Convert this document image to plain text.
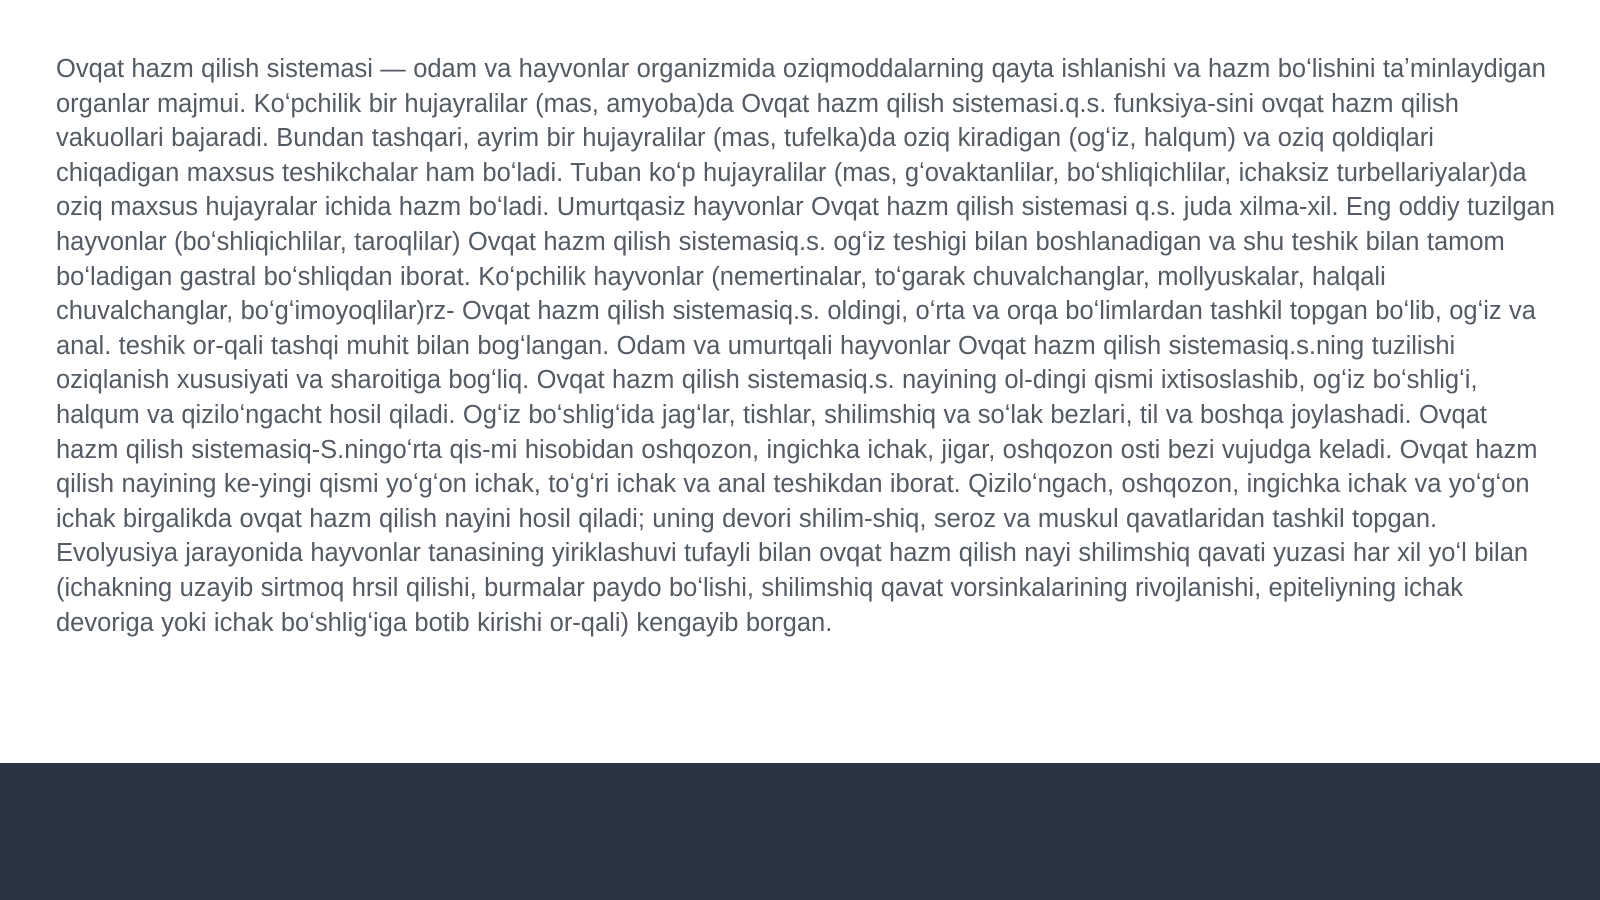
Ovqat hazm qilish sistemasi — odam va hayvonlar organizmida oziqmoddalarning qayta ishlanishi va hazm boʻlishini taʼminlaydigan organlar majmui. Koʻpchilik bir hujayralilar (mas, amyoba)da Ovqat hazm qilish sistemasi.q.s. funksiya-sini ovqat hazm qilish vakuollari bajaradi. Bundan tashqari, ayrim bir hujayralilar (mas, tufelka)da oziq kiradigan (ogʻiz, halqum) va oziq qoldiqlari chiqadigan maxsus teshikchalar ham boʻladi. Tuban koʻp hujayralilar (mas, gʻovaktanlilar, boʻshliqichlilar, ichaksiz turbellariyalar)da oziq maxsus hujayralar ichida hazm boʻladi. Umurtqasiz hayvonlar Ovqat hazm qilish sistemasi q.s. juda xilma-xil. Eng oddiy tuzilgan hayvonlar (boʻshliqichlilar, taroqlilar) Ovqat hazm qilish sistemasiq.s. ogʻiz teshigi bilan boshlanadigan va shu teshik bilan tamom boʻladigan gastral boʻshliqdan iborat. Koʻpchilik hayvonlar (nemertinalar, toʻgarak chuvalchanglar, mollyuskalar, halqali chuvalchanglar, boʻgʻimoyoqlilar)rz- Ovqat hazm qilish sistemasiq.s. oldingi, oʻrta va orqa boʻlimlardan tashkil topgan boʻlib, ogʻiz va anal. teshik or-qali tashqi muhit bilan bogʻlangan. Odam va umurtqali hayvonlar Ovqat hazm qilish sistemasiq.s.ning tuzilishi oziqlanish xususiyati va sharoitiga bogʻliq. Ovqat hazm qilish sistemasiq.s. nayining ol-dingi qismi ixtisoslashib, ogʻiz boʻshligʻi, halqum va qiziloʻngacht hosil qiladi. Ogʻiz boʻshligʻida jagʻlar, tishlar, shilimshiq va soʻlak bezlari, til va boshqa joylashadi. Ovqat hazm qilish sistemasiq-S.ningoʻrta qis-mi hisobidan oshqozon, ingichka ichak, jigar, oshqozon osti bezi vujudga keladi. Ovqat hazm qilish nayining ke-yingi qismi yoʻgʻon ichak, toʻgʻri ichak va anal teshikdan iborat. Qiziloʻngach, oshqozon, ingichka ichak va yoʻgʻon ichak birgalikda ovqat hazm qilish nayini hosil qiladi; uning devori shilim-shiq, seroz va muskul qavatlaridan tashkil topgan. Evolyusiya jarayonida hayvonlar tanasining yiriklashuvi tufayli bilan ovqat hazm qilish nayi shilimshiq qavati yuzasi har xil yoʻl bilan (ichakning uzayib sirtmoq hrsil qilishi, burmalar paydo boʻlishi, shilimshiq qavat vorsinkalarining rivojlanishi, epiteliyning ichak devoriga yoki ichak boʻshligʻiga botib kirishi or-qali) kengayib borgan.
